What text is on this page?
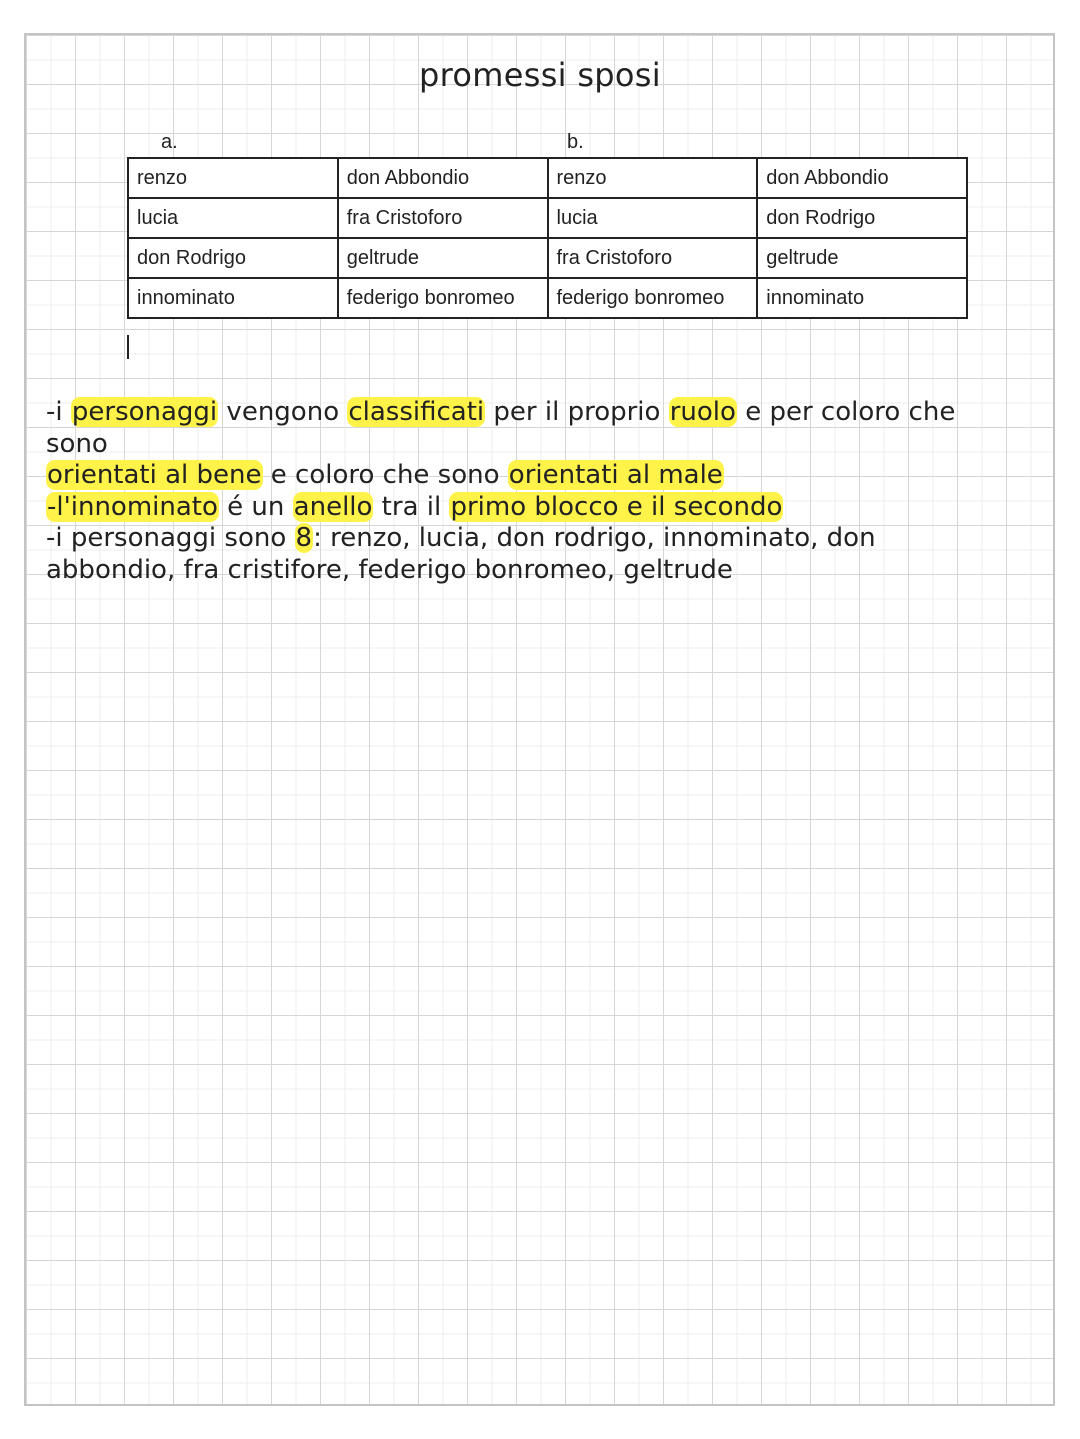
promessi sposi
a.	b.
renzo	don Abbondio	renzo	don Abbondio
lucia	fra Cristoforo	lucia	don Rodrigo
don Rodrigo	geltrude	fra Cristoforo	geltrude
innominato	federigo bonromeo	federigo bonromeo	innominato

-i personaggi vengono classificati per il proprio ruolo e per coloro che sono

orientati al bene e coloro che sono orientati al male

-l'innominato é un anello tra il primo blocco e il secondo

-i personaggi sono 8: renzo, lucia, don rodrigo, innominato, don abbondio, fra cristifore, federigo bonromeo, geltrude
